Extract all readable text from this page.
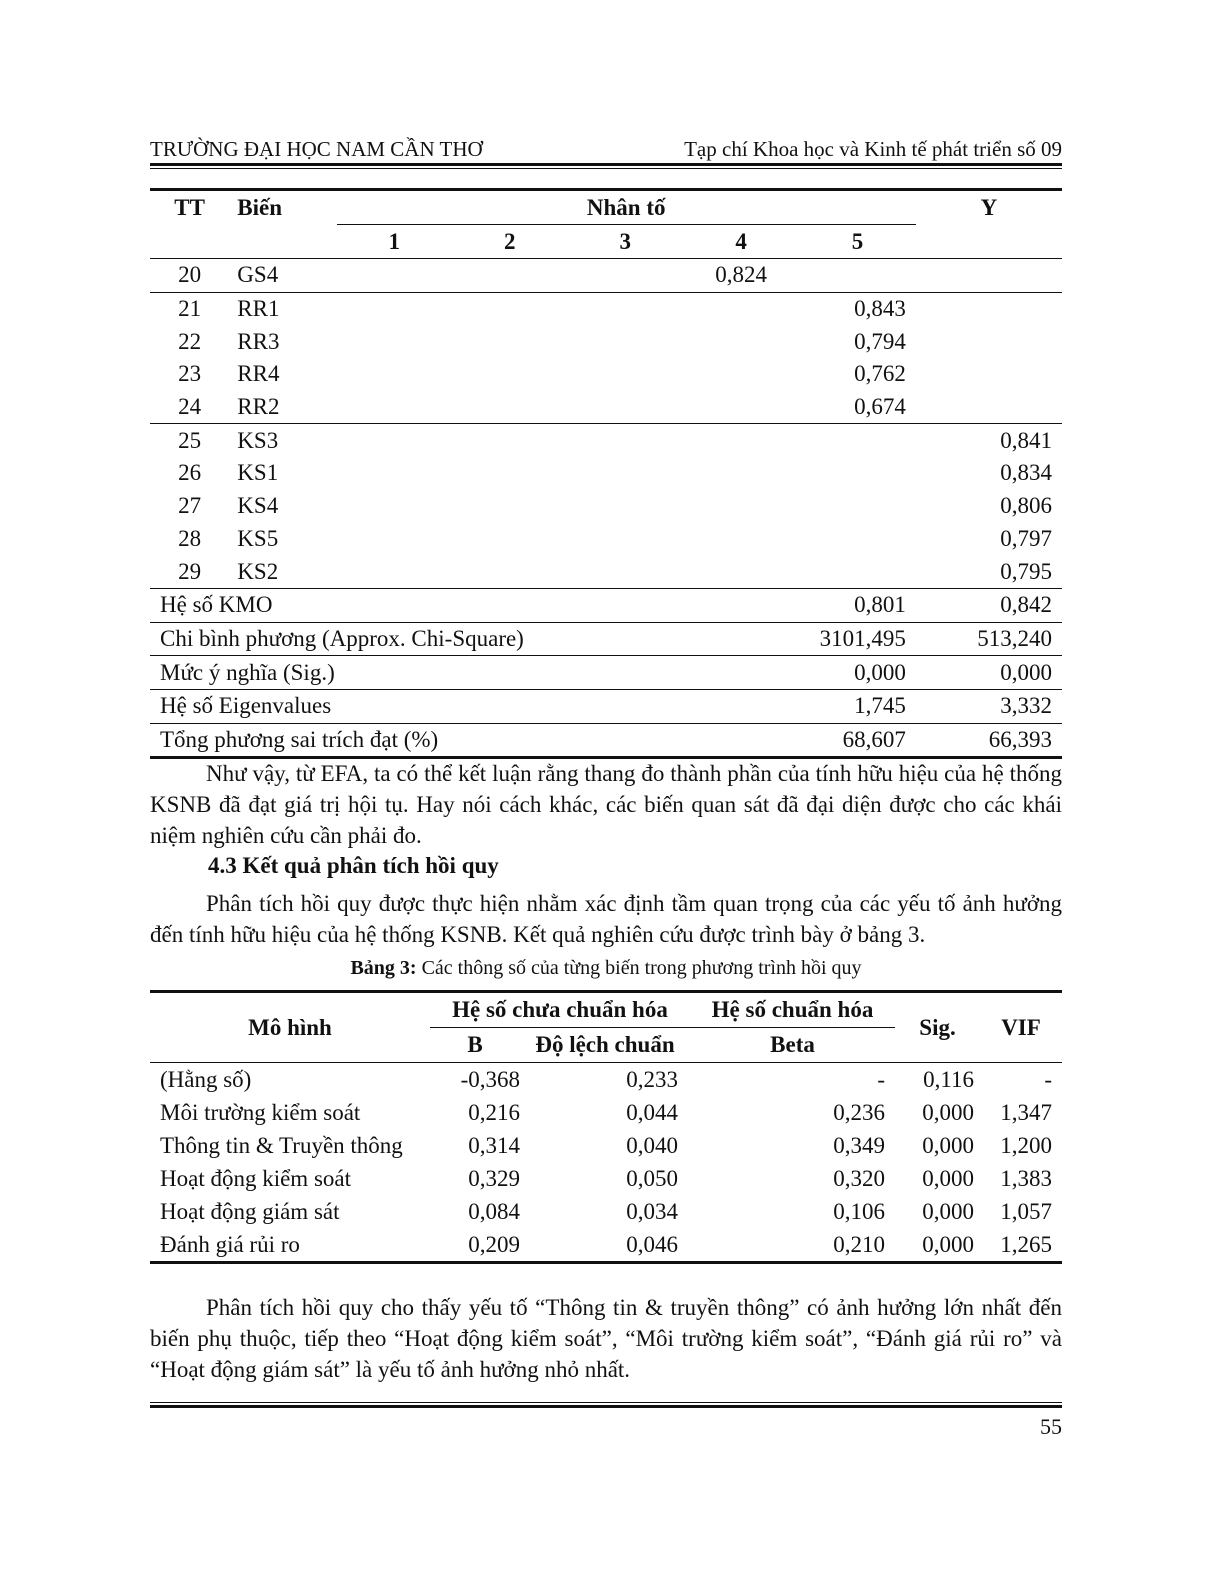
TRƯỜNG ĐẠI HỌC NAM CẦN THƠ	Tạp chí Khoa học và Kinh tế phát triển số 09
TT	Biến	Nhân tố					Y
		1	2	3	4	5	
20	GS4				0,824		
21	RR1					0,843	
22	RR3					0,794	
23	RR4					0,762	
24	RR2					0,674	
25	KS3						0,841
26	KS1						0,834
27	KS4						0,806
28	KS5						0,797
29	KS2						0,795
Hệ số KMO						0,801	0,842
Chi bình phương (Approx. Chi-Square)						3101,495	513,240
Mức ý nghĩa (Sig.)						0,000	0,000
Hệ số Eigenvalues						1,745	3,332
Tổng phương sai trích đạt (%)						68,607	66,393
Như vậy, từ EFA, ta có thể kết luận rằng thang đo thành phần của tính hữu hiệu của hệ thống KSNB đã đạt giá trị hội tụ. Hay nói cách khác, các biến quan sát đã đại diện được cho các khái niệm nghiên cứu cần phải đo.
4.3 Kết quả phân tích hồi quy
Phân tích hồi quy được thực hiện nhằm xác định tầm quan trọng của các yếu tố ảnh hưởng đến tính hữu hiệu của hệ thống KSNB. Kết quả nghiên cứu được trình bày ở bảng 3.
Bảng 3: Các thông số của từng biến trong phương trình hồi quy
Mô hình	Hệ số chưa chuẩn hóa		Hệ số chuẩn hóa	Sig.	VIF
	B	Độ lệch chuẩn	Beta		
(Hằng số)	-0,368	0,233	-	0,116	-
Môi trường kiểm soát	0,216	0,044	0,236	0,000	1,347
Thông tin & Truyền thông	0,314	0,040	0,349	0,000	1,200
Hoạt động kiểm soát	0,329	0,050	0,320	0,000	1,383
Hoạt động giám sát	0,084	0,034	0,106	0,000	1,057
Đánh giá rủi ro	0,209	0,046	0,210	0,000	1,265
Phân tích hồi quy cho thấy yếu tố “Thông tin & truyền thông” có ảnh hưởng lớn nhất đến biến phụ thuộc, tiếp theo “Hoạt động kiểm soát”, “Môi trường kiểm soát”, “Đánh giá rủi ro” và “Hoạt động giám sát” là yếu tố ảnh hưởng nhỏ nhất.
55
